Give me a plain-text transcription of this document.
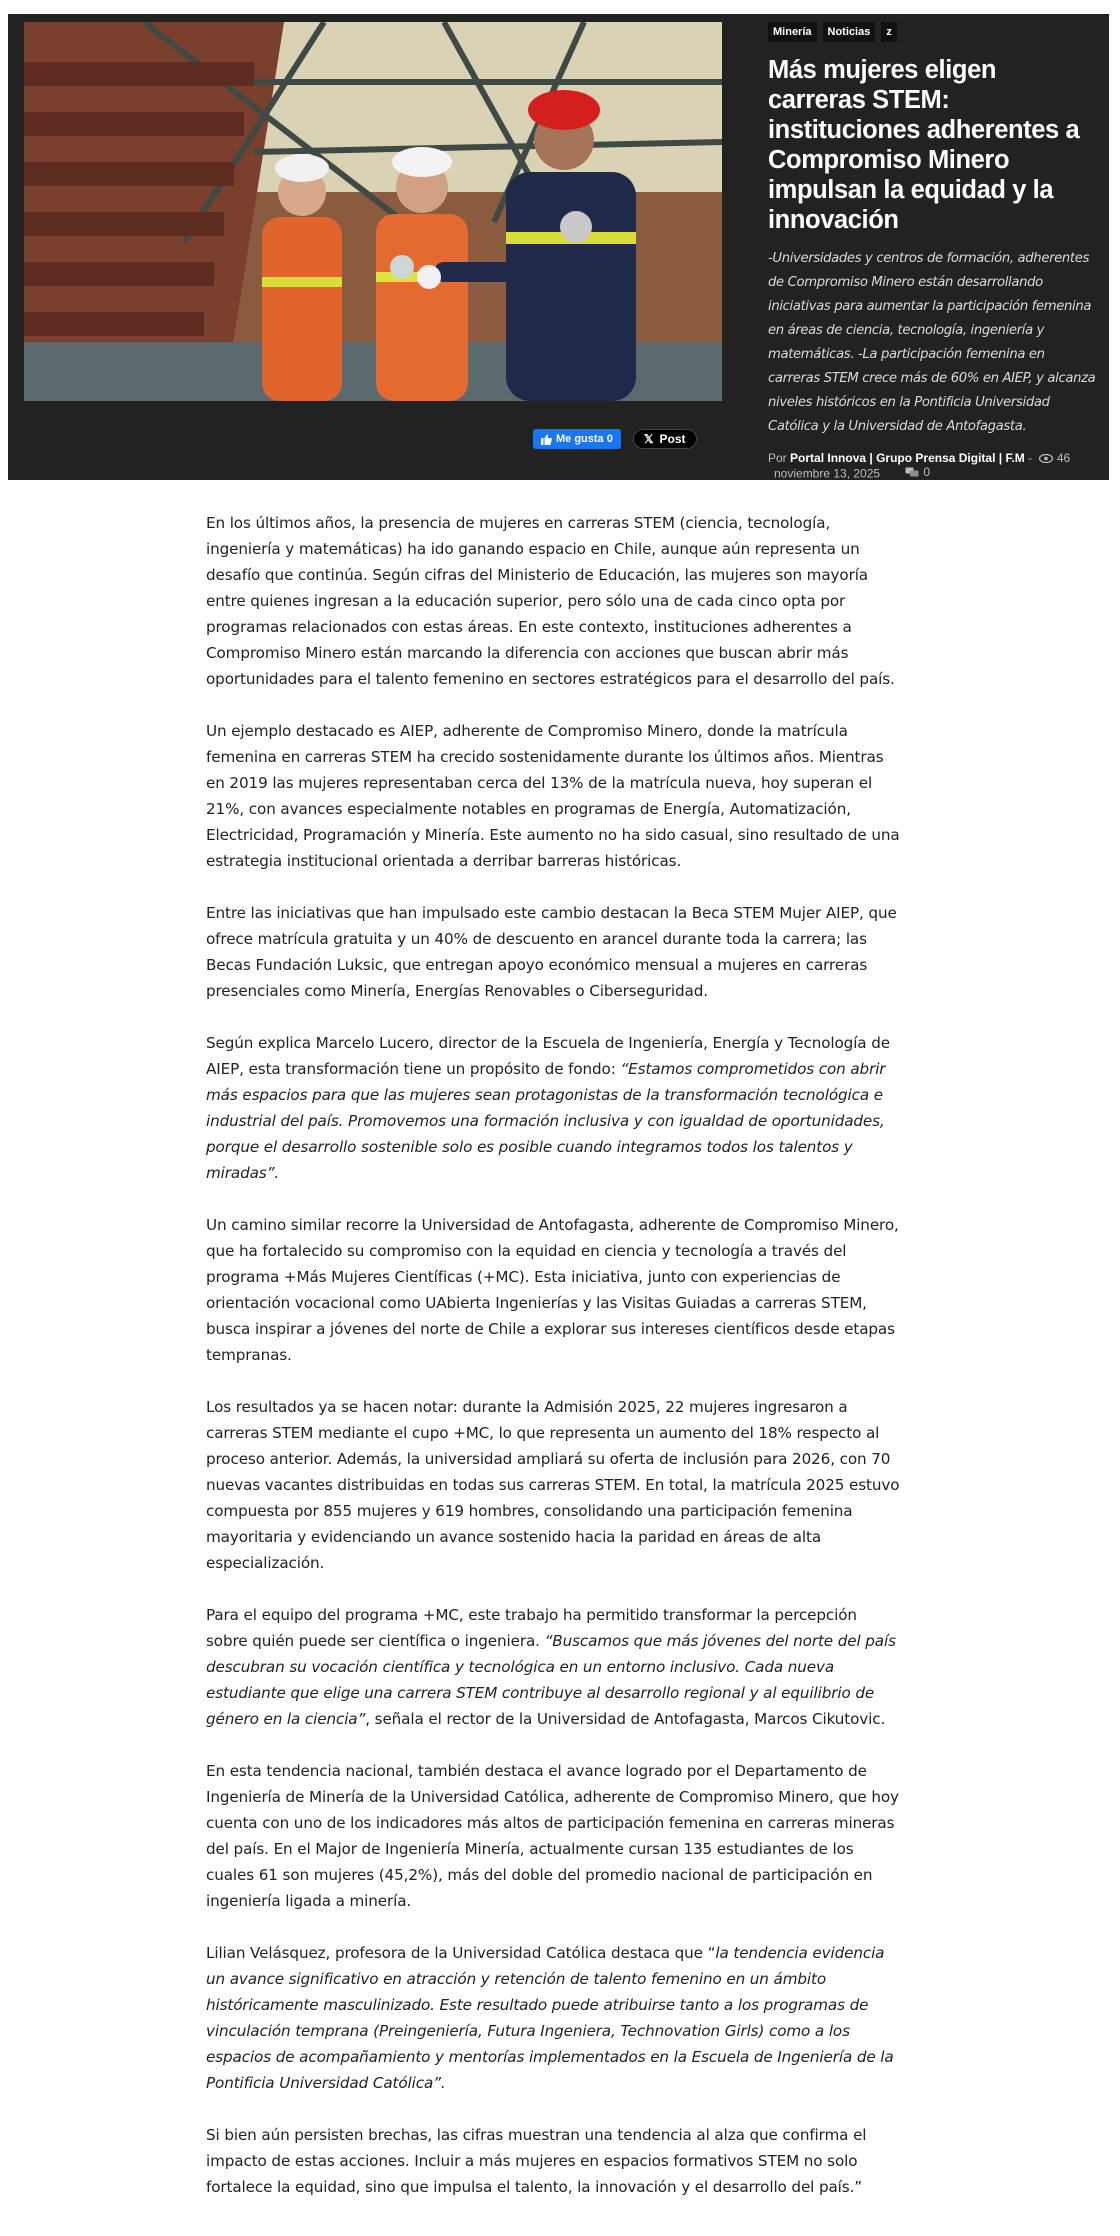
Minería	Noticias	z
Más mujeres eligen carreras STEM: instituciones adherentes a Compromiso Minero impulsan la equidad y la innovación

-Universidades y centros de formación, adherentes de Compromiso Minero están desarrollando iniciativas para aumentar la participación femenina en áreas de ciencia, tecnología, ingeniería y matemáticas. -La participación femenina en carreras STEM crece más de 60% en AIEP, y alcanza niveles históricos en la Pontificia Universidad Católica y la Universidad de Antofagasta.

Por Portal Innova | Grupo Prensa Digital | F.M - 46
noviembre 13, 2025	0
Me gusta 0	𝕏 Post

En los últimos años, la presencia de mujeres en carreras STEM (ciencia, tecnología, ingeniería y matemáticas) ha ido ganando espacio en Chile, aunque aún representa un desafío que continúa. Según cifras del Ministerio de Educación, las mujeres son mayoría entre quienes ingresan a la educación superior, pero sólo una de cada cinco opta por programas relacionados con estas áreas. En este contexto, instituciones adherentes a Compromiso Minero están marcando la diferencia con acciones que buscan abrir más oportunidades para el talento femenino en sectores estratégicos para el desarrollo del país.

Un ejemplo destacado es AIEP, adherente de Compromiso Minero, donde la matrícula femenina en carreras STEM ha crecido sostenidamente durante los últimos años. Mientras en 2019 las mujeres representaban cerca del 13% de la matrícula nueva, hoy superan el 21%, con avances especialmente notables en programas de Energía, Automatización, Electricidad, Programación y Minería. Este aumento no ha sido casual, sino resultado de una estrategia institucional orientada a derribar barreras históricas.

Entre las iniciativas que han impulsado este cambio destacan la Beca STEM Mujer AIEP, que ofrece matrícula gratuita y un 40% de descuento en arancel durante toda la carrera; las Becas Fundación Luksic, que entregan apoyo económico mensual a mujeres en carreras presenciales como Minería, Energías Renovables o Ciberseguridad.

Según explica Marcelo Lucero, director de la Escuela de Ingeniería, Energía y Tecnología de AIEP, esta transformación tiene un propósito de fondo: “Estamos comprometidos con abrir más espacios para que las mujeres sean protagonistas de la transformación tecnológica e industrial del país. Promovemos una formación inclusiva y con igualdad de oportunidades, porque el desarrollo sostenible solo es posible cuando integramos todos los talentos y miradas”.

Un camino similar recorre la Universidad de Antofagasta, adherente de Compromiso Minero, que ha fortalecido su compromiso con la equidad en ciencia y tecnología a través del programa +Más Mujeres Científicas (+MC). Esta iniciativa, junto con experiencias de orientación vocacional como UAbierta Ingenierías y las Visitas Guiadas a carreras STEM, busca inspirar a jóvenes del norte de Chile a explorar sus intereses científicos desde etapas tempranas.

Los resultados ya se hacen notar: durante la Admisión 2025, 22 mujeres ingresaron a carreras STEM mediante el cupo +MC, lo que representa un aumento del 18% respecto al proceso anterior. Además, la universidad ampliará su oferta de inclusión para 2026, con 70 nuevas vacantes distribuidas en todas sus carreras STEM. En total, la matrícula 2025 estuvo compuesta por 855 mujeres y 619 hombres, consolidando una participación femenina mayoritaria y evidenciando un avance sostenido hacia la paridad en áreas de alta especialización.

Para el equipo del programa +MC, este trabajo ha permitido transformar la percepción sobre quién puede ser científica o ingeniera. “Buscamos que más jóvenes del norte del país descubran su vocación científica y tecnológica en un entorno inclusivo. Cada nueva estudiante que elige una carrera STEM contribuye al desarrollo regional y al equilibrio de género en la ciencia”, señala el rector de la Universidad de Antofagasta, Marcos Cikutovic.

En esta tendencia nacional, también destaca el avance logrado por el Departamento de Ingeniería de Minería de la Universidad Católica, adherente de Compromiso Minero, que hoy cuenta con uno de los indicadores más altos de participación femenina en carreras mineras del país. En el Major de Ingeniería Minería, actualmente cursan 135 estudiantes de los cuales 61 son mujeres (45,2%), más del doble del promedio nacional de participación en ingeniería ligada a minería.

Lilian Velásquez, profesora de la Universidad Católica destaca que “la tendencia evidencia un avance significativo en atracción y retención de talento femenino en un ámbito históricamente masculinizado. Este resultado puede atribuirse tanto a los programas de vinculación temprana (Preingeniería, Futura Ingeniera, Technovation Girls) como a los espacios de acompañamiento y mentorías implementados en la Escuela de Ingeniería de la Pontificia Universidad Católica”.

Si bien aún persisten brechas, las cifras muestran una tendencia al alza que confirma el impacto de estas acciones. Incluir a más mujeres en espacios formativos STEM no solo fortalece la equidad, sino que impulsa el talento, la innovación y el desarrollo del país.”
